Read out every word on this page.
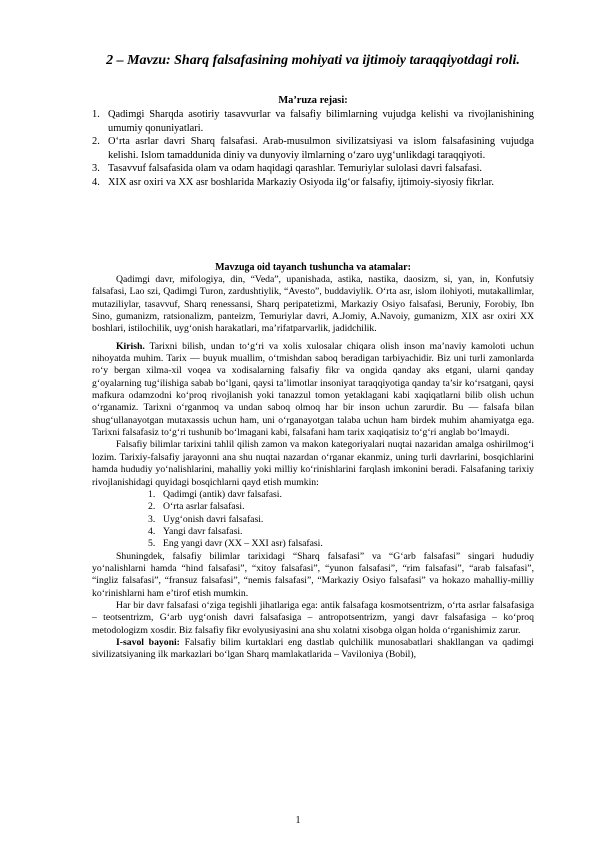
2 – Mavzu: Sharq falsafasining mohiyati va ijtimoiy taraqqiyotdagi roli.
Ma’ruza rejasi:
1. Qadimgi Sharqda asotiriy tasavvurlar va falsafiy bilimlarning vujudga kelishi va rivojlanishining umumiy qonuniyatlari.
2. O‘rta asrlar davri Sharq falsafasi. Arab-musulmon sivilizatsiyasi va islom falsafasining vujudga kelishi. Islom tamaddunida diniy va dunyoviy ilmlarning o‘zaro uyg‘unlikdagi taraqqiyoti.
3. Tasavvuf falsafasida olam va odam haqidagi qarashlar. Temuriylar sulolasi davri falsafasi.
4. XIX asr oxiri va XX asr boshlarida Markaziy Osiyoda ilg‘or falsafiy, ijtimoiy-siyosiy fikrlar.
Mavzuga oid tayanch tushuncha va atamalar:

Qadimgi davr, mifologiya, din, “Veda”, upanishada, astika, nastika, daosizm, si, yan, in, Konfutsiy falsafasi, Lao szi, Qadimgi Turon, zardushtiylik, “Avesto”, buddaviylik. O‘rta asr, islom ilohiyoti, mutakallimlar, mutaziliylar, tasavvuf, Sharq renessansi, Sharq peripatetizmi, Markaziy Osiyo falsafasi, Beruniy, Forobiy, Ibn Sino, gumanizm, ratsionalizm, panteizm, Temuriylar davri, A.Jomiy, A.Navoiy, gumanizm, XIX asr oxiri XX boshlari, istilochilik, uyg‘onish harakatlari, ma’rifatparvarlik, jadidchilik.

Kirish. Tarixni bilish, undan to‘g‘ri va xolis xulosalar chiqara olish inson ma’naviy kamoloti uchun nihoyatda muhim. Tarix — buyuk muallim, o‘tmishdan saboq beradigan tarbiyachidir. Biz uni turli zamonlarda ro‘y bergan xilma-xil voqea va xodisalarning falsafiy fikr va ongida qanday aks etgani, ularni qanday g‘oyalarning tug‘ilishiga sabab bo‘lgani, qaysi ta’limotlar insoniyat taraqqiyotiga qanday ta’sir ko‘rsatgani, qaysi mafkura odamzodni ko‘proq rivojlanish yoki tanazzul tomon yetaklagani kabi xaqiqatlarni bilib olish uchun o‘rganamiz. Tarixni o‘rganmoq va undan saboq olmoq har bir inson uchun zarurdir. Bu — falsafa bilan shug‘ullanayotgan mutaxassis uchun ham, uni o‘rganayotgan talaba uchun ham birdek muhim ahamiyatga ega. Tarixni falsafasiz to‘g‘ri tushunib bo‘lmagani kabi, falsafani ham tarix xaqiqatisiz to‘g‘ri anglab bo‘lmaydi.

Falsafiy bilimlar tarixini tahlil qilish zamon va makon kategoriyalari nuqtai nazaridan amalga oshirilmog‘i lozim. Tarixiy-falsafiy jarayonni ana shu nuqtai nazardan o‘rganar ekanmiz, uning turli davrlarini, bosqichlarini hamda hududiy yo‘nalishlarini, mahalliy yoki milliy ko‘rinishlarini farqlash imkonini beradi. Falsafaning tarixiy rivojlanishidagi quyidagi bosqichlarni qayd etish mumkin:

1. Qadimgi (antik) davr falsafasi.
2. O‘rta asrlar falsafasi.
3. Uyg‘onish davri falsafasi.
4. Yangi davr falsafasi.
5. Eng yangi davr (XX – XXI asr) falsafasi.

Shuningdek, falsafiy bilimlar tarixidagi “Sharq falsafasi” va “G‘arb falsafasi” singari hududiy yo‘nalishlarni hamda “hind falsafasi”, “xitoy falsafasi”, “yunon falsafasi”, “rim falsafasi”, “arab falsafasi”, “ingliz falsafasi”, “fransuz falsafasi”, “nemis falsafasi”, “Markaziy Osiyo falsafasi” va hokazo mahalliy-milliy ko‘rinishlarni ham e’tirof etish mumkin.

Har bir davr falsafasi o‘ziga tegishli jihatlariga ega: antik falsafaga kosmotsentrizm, o‘rta asrlar falsafasiga – teotsentrizm, G‘arb uyg‘onish davri falsafasiga – antropotsentrizm, yangi davr falsafasiga – ko‘proq metodologizm xosdir. Biz falsafiy fikr evolyusiyasini ana shu xolatni xisobga olgan holda o‘rganishimiz zarur.

I-savol bayoni: Falsafiy bilim kurtaklari eng dastlab qulchilik munosabatlari shakllangan va qadimgi sivilizatsiyaning ilk markazlari bo‘lgan Sharq mamlakatlarida – Vaviloniya (Bobil),

1
